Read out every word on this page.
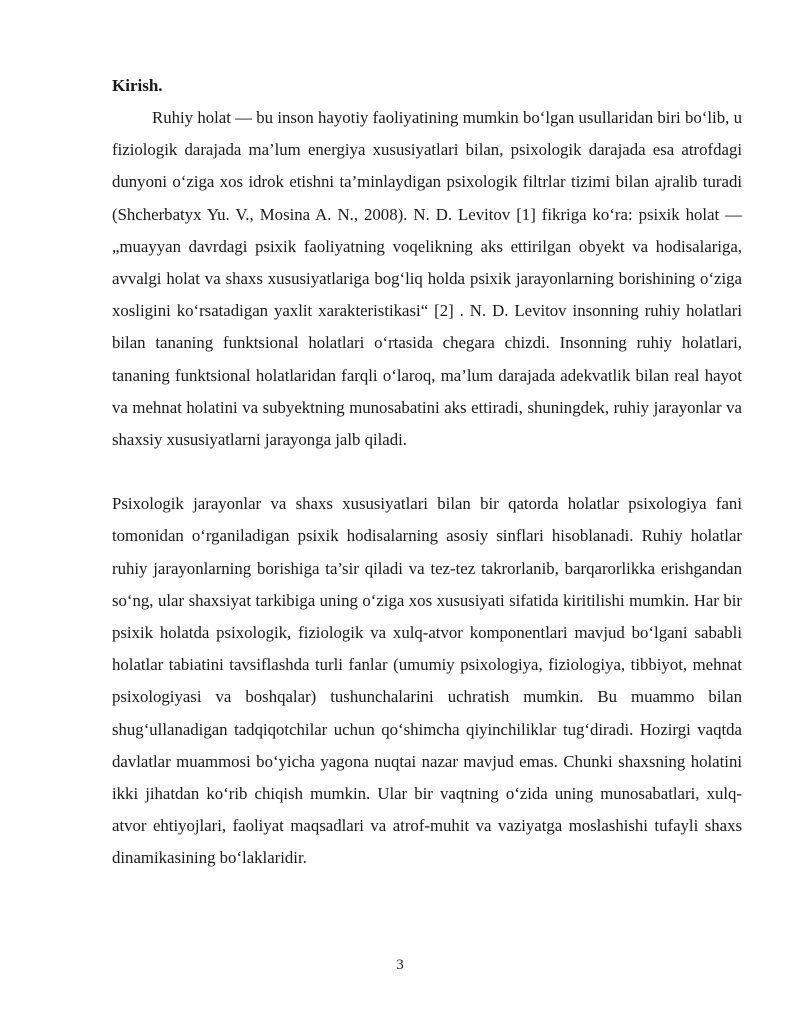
Kirish.

Ruhiy holat — bu inson hayotiy faoliyatining mumkin bo‘lgan usullaridan biri bo‘lib, u fiziologik darajada ma’lum energiya xususiyatlari bilan, psixologik darajada esa atrofdagi dunyoni o‘ziga xos idrok etishni ta’minlaydigan psixologik filtrlar tizimi bilan ajralib turadi (Shcherbatyx Yu. V., Mosina A. N., 2008). N. D. Levitov [1] fikriga ko‘ra: psixik holat — „muayyan davrdagi psixik faoliyatning voqelikning aks ettirilgan obyekt va hodisalariga, avvalgi holat va shaxs xususiyatlariga bog‘liq holda psixik jarayonlarning borishining o‘ziga xosligini ko‘rsatadigan yaxlit xarakteristikasi“ [2] . N. D. Levitov insonning ruhiy holatlari bilan tananing funktsional holatlari o‘rtasida chegara chizdi. Insonning ruhiy holatlari, tananing funktsional holatlaridan farqli o‘laroq, ma’lum darajada adekvatlik bilan real hayot va mehnat holatini va subyektning munosabatini aks ettiradi, shuningdek, ruhiy jarayonlar va shaxsiy xususiyatlarni jarayonga jalb qiladi.

Psixologik jarayonlar va shaxs xususiyatlari bilan bir qatorda holatlar psixologiya fani tomonidan o‘rganiladigan psixik hodisalarning asosiy sinflari hisoblanadi. Ruhiy holatlar ruhiy jarayonlarning borishiga ta’sir qiladi va tez-tez takrorlanib, barqarorlikka erishgandan so‘ng, ular shaxsiyat tarkibiga uning o‘ziga xos xususiyati sifatida kiritilishi mumkin. Har bir psixik holatda psixologik, fiziologik va xulq-atvor komponentlari mavjud bo‘lgani sababli holatlar tabiatini tavsiflashda turli fanlar (umumiy psixologiya, fiziologiya, tibbiyot, mehnat psixologiyasi va boshqalar) tushunchalarini uchratish mumkin. Bu muammo bilan shug‘ullanadigan tadqiqotchilar uchun qo‘shimcha qiyinchiliklar tug‘diradi. Hozirgi vaqtda davlatlar muammosi bo‘yicha yagona nuqtai nazar mavjud emas. Chunki shaxsning holatini ikki jihatdan ko‘rib chiqish mumkin. Ular bir vaqtning o‘zida uning munosabatlari, xulq-atvor ehtiyojlari, faoliyat maqsadlari va atrof-muhit va vaziyatga moslashishi tufayli shaxs dinamikasining bo‘laklaridir.

3
